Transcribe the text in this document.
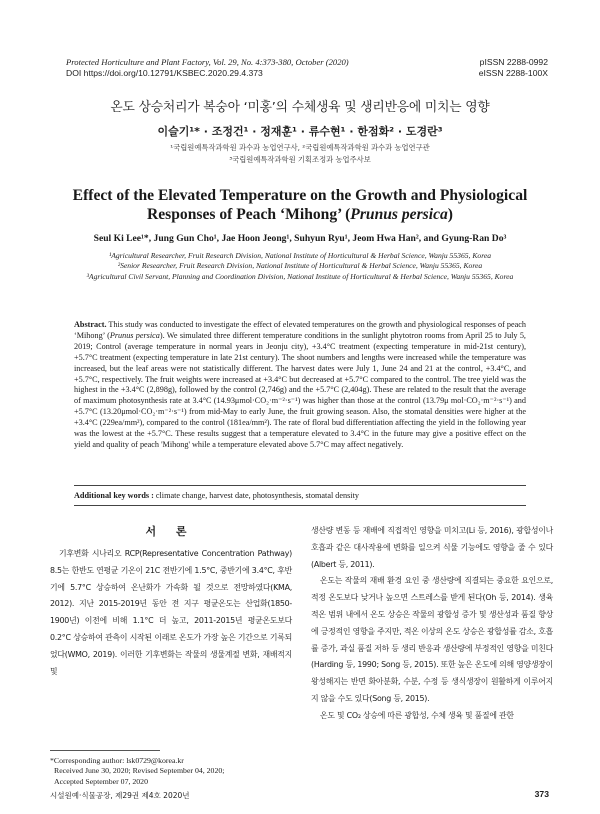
Protected Horticulture and Plant Factory, Vol. 29, No. 4:373-380, October (2020)
DOI https://doi.org/10.12791/KSBEC.2020.29.4.373
pISSN 2288-0992
eISSN 2288-100X
온도 상승처리가 복숭아 ‘미홍’의 수체생육 및 생리반응에 미치는 영향
이슬기¹* · 조정건¹ · 정재훈¹ · 류수현¹ · 한점화² · 도경란³
¹국립원예특작과학원 과수과 농업연구사, ²국립원예특작과학원 과수과 농업연구관
³국립원예특작과학원 기획조정과 농업주사보
Effect of the Elevated Temperature on the Growth and Physiological
Responses of Peach ‘Mihong’ (Prunus persica)
Seul Ki Lee¹*, Jung Gun Cho¹, Jae Hoon Jeong¹, Suhyun Ryu¹, Jeom Hwa Han², and Gyung-Ran Do³
¹Agricultural Researcher, Fruit Research Division, National Institute of Horticultural & Herbal Science, Wanju 55365, Korea
²Senior Researcher, Fruit Research Division, National Institute of Horticultural & Herbal Science, Wanju 55365, Korea
³Agricultural Civil Servant, Planning and Coordination Division, National Institute of Horticultural & Herbal Science, Wanju 55365, Korea
Abstract. This study was conducted to investigate the effect of elevated temperatures on the growth and physiological responses of peach ‘Mihong’ (Prunus persica). We simulated three different temperature conditions in the sunlight phytotron rooms from April 25 to July 5, 2019; Control (average temperature in normal years in Jeonju city), +3.4°C treatment (expecting temperature in mid-21st century), +5.7°C treatment (expecting temperature in late 21st century). The shoot numbers and lengths were increased while the temperature was increased, but the leaf areas were not statistically different. The harvest dates were July 1, June 24 and 21 at the control, +3.4°C, and +5.7°C, respectively. The fruit weights were increased at +3.4°C but decreased at +5.7°C compared to the control. The tree yield was the highest in the +3.4°C (2,898g), followed by the control (2,746g) and the +5.7°C (2,404g). These are related to the result that the average of maximum photosynthesis rate at 3.4°C (14.93μmol·CO₂·m⁻²·s⁻¹) was higher than those at the control (13.79μ mol·CO₂·m⁻²·s⁻¹) and +5.7°C (13.20μmol·CO₂·m⁻²·s⁻¹) from mid-May to early June, the fruit growing season. Also, the stomatal densities were higher at the +3.4°C (229ea/mm²), compared to the control (181ea/mm²). The rate of floral bud differentiation affecting the yield in the following year was the lowest at the +5.7°C. These results suggest that a temperature elevated to 3.4°C in the future may give a positive effect on the yield and quality of peach 'Mihong' while a temperature elevated above 5.7°C may affect negatively.
Additional key words : climate change, harvest date, photosynthesis, stomatal density
서 론

기후변화 시나리오 RCP(Representative Concentration Pathway) 8.5는 한반도 연평균 기온이 21C 전반기에 1.5°C, 중반기에 3.4°C, 후반기에 5.7°C 상승하여 온난화가 가속화 될 것으로 전망하였다(KMA, 2012). 지난 2015-2019년 동안 전 지구 평균온도는 산업화(1850-1900년) 이전에 비해 1.1°C 더 높고, 2011-2015년 평균온도보다 0.2°C 상승하여 관측이 시작된 이래로 온도가 가장 높은 기간으로 기록되었다(WMO, 2019). 이러한 기후변화는 작물의 생물계절 변화, 재배적지 및

*Corresponding author: lsk0729@korea.kr
Received June 30, 2020; Revised September 04, 2020;
Accepted September 07, 2020

생산량 변동 등 재배에 직접적인 영향을 미치고(Li 등, 2016), 광합성이나 호흡과 같은 대사작용에 변화를 일으켜 식물 기능에도 영향을 줄 수 있다(Albert 등, 2011).

온도는 작물의 재배 환경 요인 중 생산량에 직결되는 중요한 요인으로, 적정 온도보다 낮거나 높으면 스트레스를 받게 된다(Oh 등, 2014). 생육 적온 범위 내에서 온도 상승은 작물의 광합성 증가 및 생산성과 품질 향상에 긍정적인 영향을 주지만, 적온 이상의 온도 상승은 광합성률 감소, 호흡률 증가, 과실 품질 저하 등 생리 반응과 생산량에 부정적인 영향을 미친다(Harding 등, 1990; Song 등, 2015). 또한 높은 온도에 의해 영양생장이 왕성해지는 반면 화아분화, 수분, 수정 등 생식생장이 원활하게 이루어지지 않을 수도 있다(Song 등, 2015).

온도 및 CO₂ 상승에 따른 광합성, 수체 생육 및 품질에 관한

시설원예·식물공장, 제29권 제4호 2020년	373
